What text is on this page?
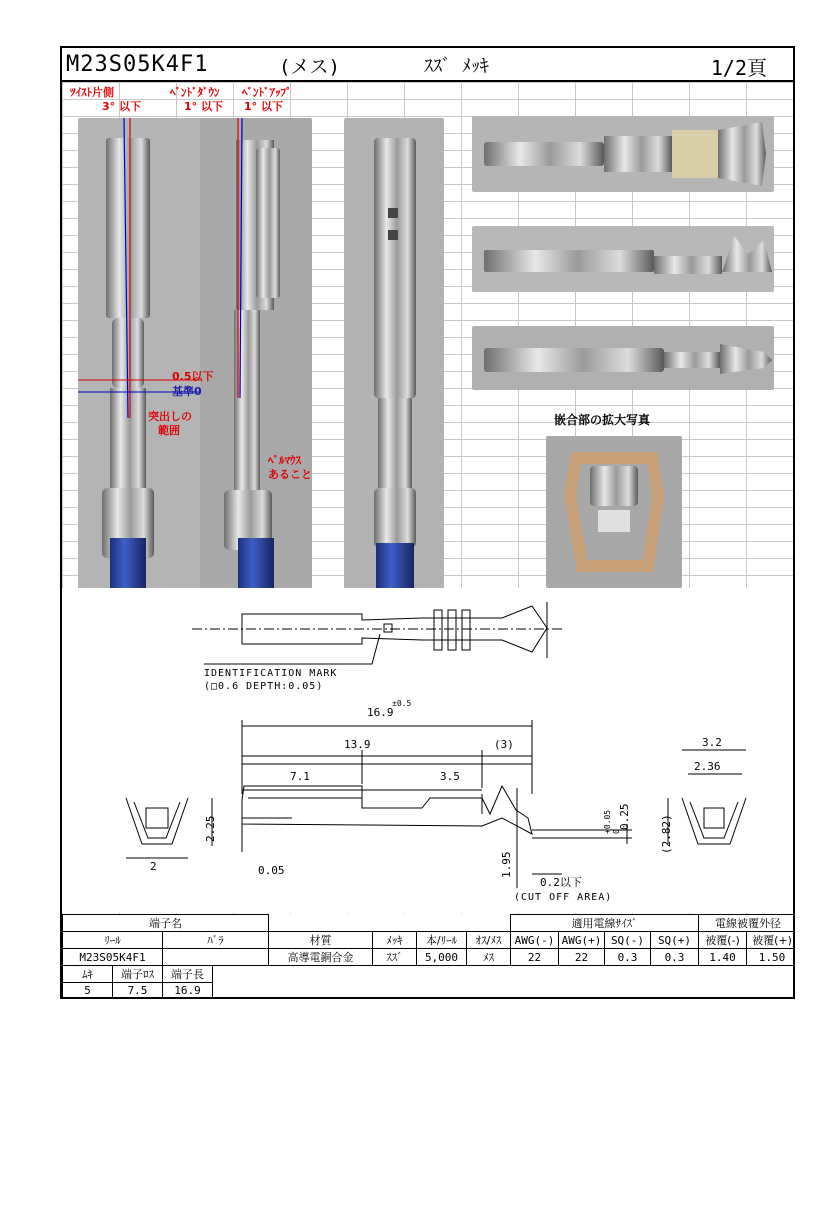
M23S05K4F1	(メス)	ｽｽﾞ ﾒｯｷ	1/2頁
嵌合部の拡大写真
ﾂｲｽﾄ片側
3° 以下
ﾍﾞﾝﾄﾞﾀﾞｳﾝ
1° 以下
ﾍﾞﾝﾄﾞｱｯﾌﾟ
1° 以下
0.5以下
基準0
突出しの
範囲
ﾍﾞﾙﾏｳｽ
あること
IDENTIFICATION MARK
(□0.6 DEPTH:0.05)
16.9
±0.5
13.9	(3)
7.1	3.5
2.25
2	1.95
0.05
0.25
+0.05 0
0.2以下
(CUT OFF AREA)
3.2
2.36
(2.82)
端子名								適用電線ｻｲｽﾞ				電線被覆外径	
ﾘｰﾙ		ﾊﾞﾗ		材質	ﾒｯｷ	本/ﾘｰﾙ	ｵｽ/ﾒｽ	AWG(-)	AWG(+)	SQ(-)	SQ(+)	被覆(-)	被覆(+)
M23S05K4F1				高導電銅合金	ｽｽﾞ	5,000	ﾒｽ	22	22	0.3	0.3	1.40	1.50
ﾑｷ	端子ﾛｽ	端子長											
5	7.5	16.9											
